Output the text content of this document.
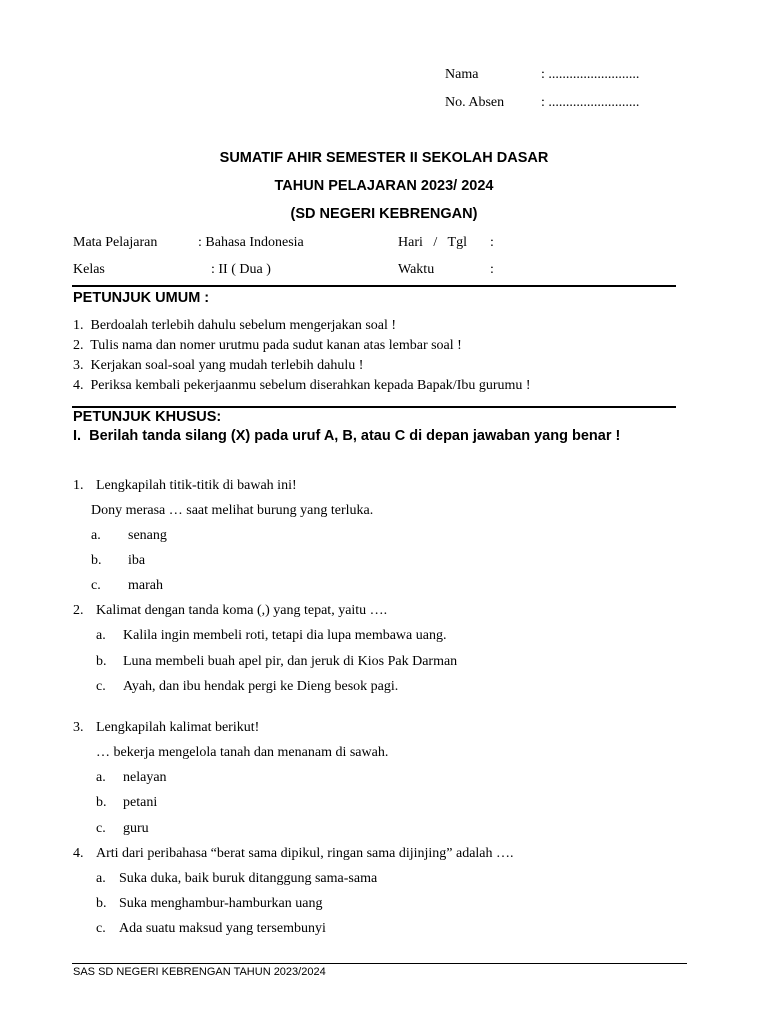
Nama	: ..........................
No. Absen	: ..........................
SUMATIF AHIR SEMESTER II SEKOLAH DASAR
TAHUN PELAJARAN 2023/ 2024
(SD NEGERI KEBRENGAN)
Mata Pelajaran	: Bahasa Indonesia	Hari   /   Tgl :
Kelas	: II ( Dua )	Waktu	:
PETUNJUK UMUM :
1.  Berdoalah terlebih dahulu sebelum mengerjakan soal !
2.  Tulis nama dan nomer urutmu pada sudut kanan atas lembar soal !
3.  Kerjakan soal-soal yang mudah terlebih dahulu !
4.  Periksa kembali pekerjaanmu sebelum diserahkan kepada Bapak/Ibu gurumu !
PETUNJUK KHUSUS:
I.  Berilah tanda silang (X) pada uruf A, B, atau C di depan jawaban yang benar !
1. Lengkapilah titik-titik di bawah ini!
Dony merasa … saat melihat burung yang terluka.
a. senang
b. iba
c. marah
2. Kalimat dengan tanda koma (,) yang tepat, yaitu ….
a. Kalila ingin membeli roti, tetapi dia lupa membawa uang.
b. Luna membeli buah apel pir, dan jeruk di Kios Pak Darman
c. Ayah, dan ibu hendak pergi ke Dieng besok pagi.
3. Lengkapilah kalimat berikut!
… bekerja mengelola tanah dan menanam di sawah.
a. nelayan
b. petani
c. guru
4. Arti dari peribahasa “berat sama dipikul, ringan sama dijinjing” adalah ….
a. Suka duka, baik buruk ditanggung sama-sama
b. Suka menghambur-hamburkan uang
c. Ada suatu maksud yang tersembunyi
SAS SD NEGERI KEBRENGAN TAHUN 2023/2024
